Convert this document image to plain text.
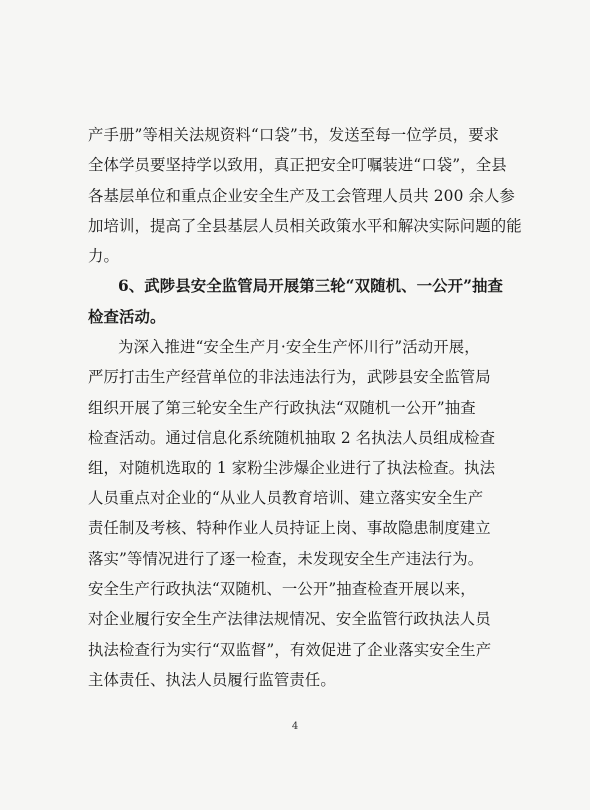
产手册”等相关法规资料“口袋”书，发送至每一位学员，要求
全体学员要坚持学以致用，真正把安全叮嘱装进“口袋”，全县
各基层单位和重点企业安全生产及工会管理人员共 200 余人参
加培训，提高了全县基层人员相关政策水平和解决实际问题的能
力。
6、武陟县安全监管局开展第三轮“双随机、一公开”抽查
检查活动。
为深入推进“安全生产月·安全生产怀川行”活动开展，
严厉打击生产经营单位的非法违法行为，武陟县安全监管局
组织开展了第三轮安全生产行政执法“双随机一公开”抽查
检查活动。通过信息化系统随机抽取 2 名执法人员组成检查
组，对随机选取的 1 家粉尘涉爆企业进行了执法检查。执法
人员重点对企业的“从业人员教育培训、建立落实安全生产
责任制及考核、特种作业人员持证上岗、事故隐患制度建立
落实”等情况进行了逐一检查，未发现安全生产违法行为。
安全生产行政执法“双随机、一公开”抽查检查开展以来，
对企业履行安全生产法律法规情况、安全监管行政执法人员
执法检查行为实行“双监督”，有效促进了企业落实安全生产
主体责任、执法人员履行监管责任。
4
